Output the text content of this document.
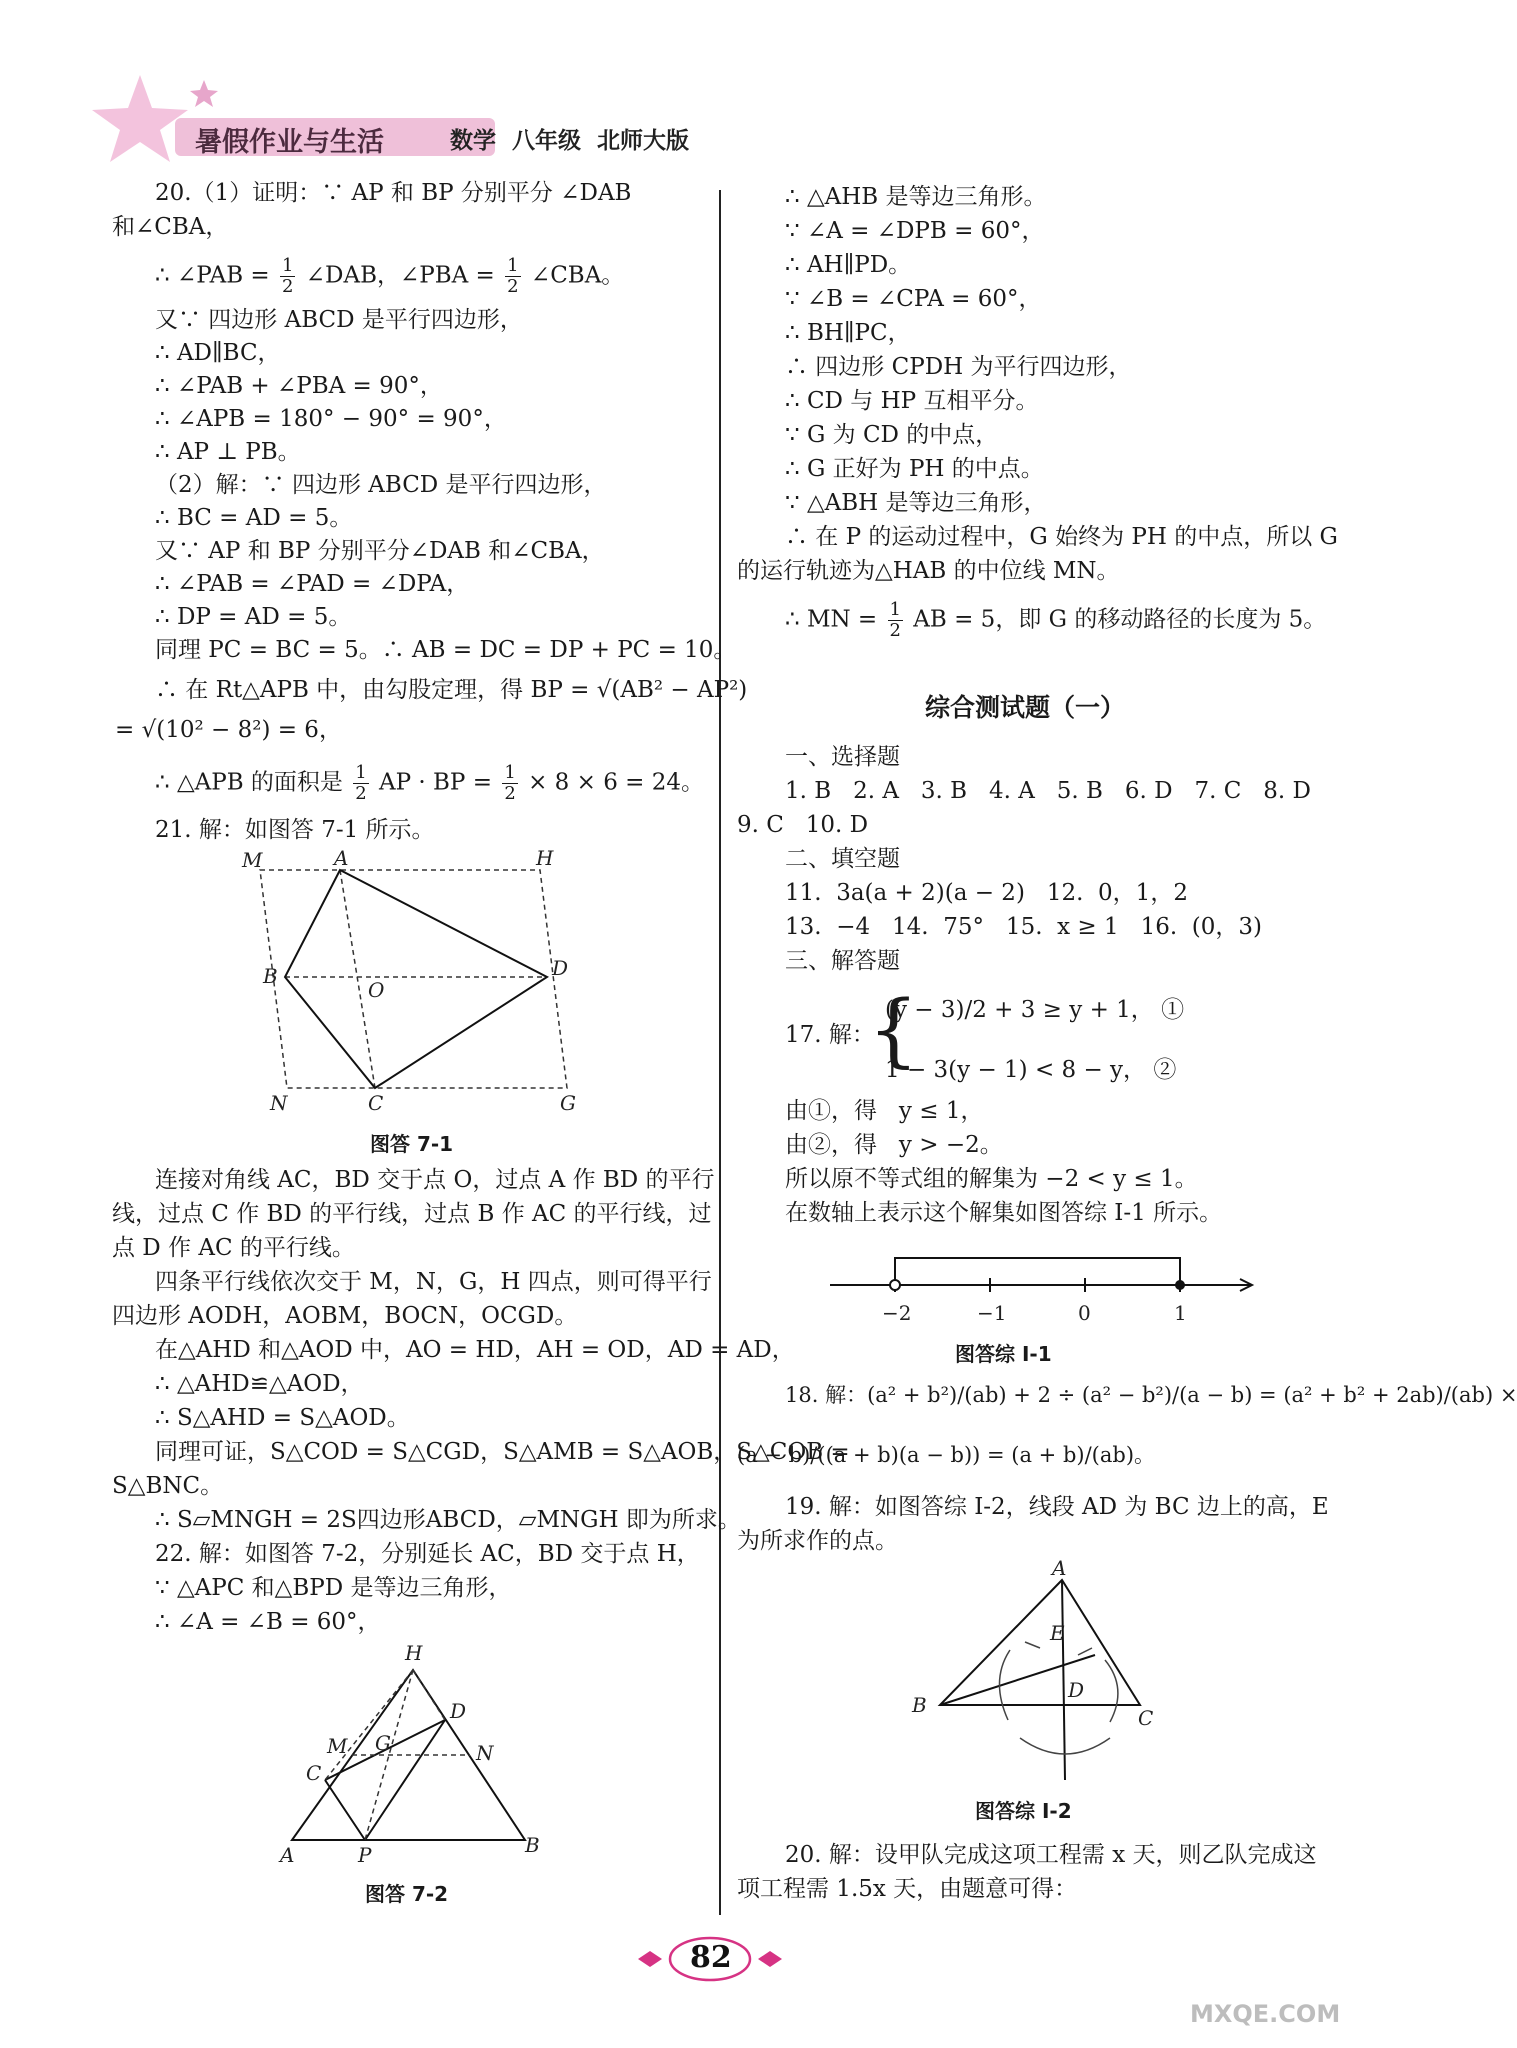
暑假作业与生活	数学  八年级  北师大版
20.（1）证明：∵ AP 和 BP 分别平分 ∠DAB
和∠CBA，
∴ ∠PAB = $\frac{1}{2}$ ∠DAB，∠PBA = $\frac{1}{2}$ ∠CBA。
又∵ 四边形 ABCD 是平行四边形，
∴ AD∥BC，
∴ ∠PAB + ∠PBA = 90°，
∴ ∠APB = 180° − 90° = 90°，
∴ AP ⊥ PB。
（2）解：∵ 四边形 ABCD 是平行四边形，
∴ BC = AD = 5。
又∵ AP 和 BP 分别平分∠DAB 和∠CBA，
∴ ∠PAB = ∠PAD = ∠DPA，
∴ DP = AD = 5。
同理 PC = BC = 5。∴ AB = DC = DP + PC = 10。
∴ 在 Rt△APB 中，由勾股定理，得 BP = √(AB² − AP²)
= √(10² − 8²) = 6，
∴ △APB 的面积是 $\frac{1}{2}$ AP · BP = $\frac{1}{2} \times 8 \times 6 = 24$。
21. 解：如图答 7-1 所示。
M	A	H
B
O
D
N	C	G
图答 7-1
连接对角线 AC，BD 交于点 O，过点 A 作 BD 的平行
线，过点 C 作 BD 的平行线，过点 B 作 AC 的平行线，过
点 D 作 AC 的平行线。
四条平行线依次交于 M，N，G，H 四点，则可得平行
四边形 AODH，AOBM，BOCN，OCGD。
在△AHD 和△AOD 中，AO = HD，AH = OD，AD = AD，
∴ △AHD≌△AOD，
∴ S△AHD = S△AOD。
同理可证，S△COD = S△CGD，S△AMB = S△AOB，S△COB =
S△BNC。
∴ S▱MNGH = 2S四边形ABCD，▱MNGH 即为所求。
22. 解：如图答 7-2，分别延长 AC，BD 交于点 H，
∵ △APC 和△BPD 是等边三角形，
∴ ∠A = ∠B = 60°，
H
D
M G	N
C
A	P	B
图答 7-2
∴ △AHB 是等边三角形。
∵ ∠A = ∠DPB = 60°，
∴ AH∥PD。
∵ ∠B = ∠CPA = 60°，
∴ BH∥PC，
∴ 四边形 CPDH 为平行四边形，
∴ CD 与 HP 互相平分。
∵ G 为 CD 的中点，
∴ G 正好为 PH 的中点。
∵ △ABH 是等边三角形，
∴ 在 P 的运动过程中，G 始终为 PH 的中点，所以 G
的运行轨迹为△HAB 的中位线 MN。
∴ MN = $\frac{1}{2}$ AB = 5，即 G 的移动路径的长度为 5。
综合测试题（一）
一、选择题
1. B   2. A   3. B   4. A   5. B   6. D   7. C   8. D
9. C   10. D
二、填空题
11.  3a(a + 2)(a − 2)   12.  0，1，2
13.  −4   14.  75°   15.  x ≥ 1   16.  (0，3)
三、解答题
17. 解：
{
(y − 3)/2 + 3 ≥ y + 1， ①
1 − 3(y − 1) < 8 − y， ②
由①，得   y ≤ 1，
由②，得   y > −2。
所以原不等式组的解集为 −2 < y ≤ 1。
在数轴上表示这个解集如图答综 Ⅰ-1 所示。
−2	−1	0	1
图答综 Ⅰ-1
18. 解：(a² + b²)/(ab) + 2 ÷ (a² − b²)/(a − b) = (a² + b² + 2ab)/(ab) ×
(a − b)/((a + b)(a − b)) = (a + b)/(ab)。
19. 解：如图答综 Ⅰ-2，线段 AD 为 BC 边上的高，E
为所求作的点。
A
E
D
B
C
图答综 Ⅰ-2
20. 解：设甲队完成这项工程需 x 天，则乙队完成这
项工程需 1.5x 天，由题意可得：
82
MXQE.COM
